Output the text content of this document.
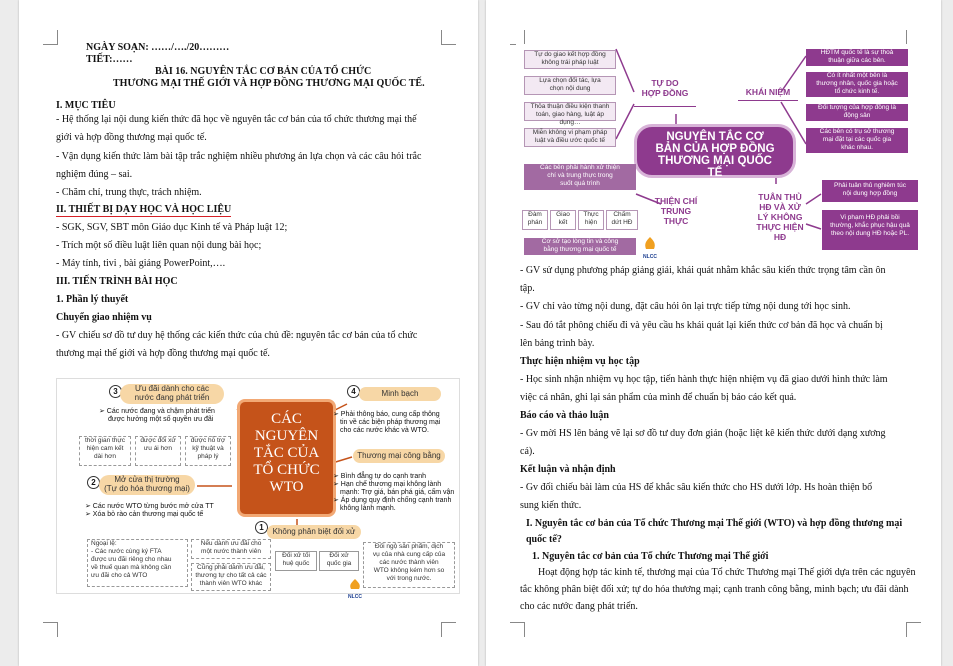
NGÀY SOẠN: ……/…./20………
TIẾT:……
BÀI 16. NGUYÊN TẮC CƠ BẢN CỦA TỔ CHỨC
THƯƠNG MẠI THẾ GIỚI VÀ HỢP ĐỒNG THƯƠNG MẠI QUỐC TẾ.
I. MỤC TIÊU
- Hệ thống lại nội dung kiến thức đã học về nguyên tắc cơ bản của tổ chức thương mại thế
giới và hợp đồng thương mại quốc tế.
- Vận dụng kiến thức làm bài tập trắc nghiệm nhiều phương án lựa chọn và các câu hỏi trắc
nghiệm đúng – sai.
- Chăm chỉ, trung thực, trách nhiệm.
II. THIẾT BỊ DẠY HỌC VÀ HỌC LIỆU
- SGK, SGV, SBT môn Giáo dục Kinh tế và Pháp luật 12;
- Trích một số điều luật liên quan nội dung bài học;
- Máy tính, tivi , bài giảng PowerPoint,….
III. TIẾN TRÌNH BÀI HỌC
1. Phần lý thuyết
Chuyển giao nhiệm vụ
- GV chiếu sơ đồ tư duy hệ thống các kiến thức của chủ đề: nguyên tắc cơ bản của tổ chức
thương mại thế giới và hợp đồng thương mại quốc tế.
CÁC
NGUYÊN
TẮC CỦA
TỔ CHỨC
WTO
3	Ưu đãi dành cho các
nước đang phát triển
➢ Các nước đang và chậm phát triển
được hưởng một số quyền ưu đãi
thời gian thực
hiện cam kết
dài hơn
được đối xử
ưu ái hơn
được hỗ trợ
kỹ thuật và
pháp lý
2	Mở cửa thị trường
(Tự do hóa thương mại)
➢ Các nước WTO từng bước mở cửa TT
➢ Xóa bỏ rào cản thương mại quốc tế
Ngoại lệ:
- Các nước cùng ký FTA
được ưu đãi riêng cho nhau
về thuế quan mà không cần
ưu đãi cho cả WTO
4	Minh bạch
➢ Phải thông báo, cung cấp thông
tin về các biện pháp thương mại
cho các nước khác và WTO.
Thương mại công bằng
➢ Bình đẳng tự do cạnh tranh
➢ Hạn chế thương mại không lành
mạnh: Trợ giá, bán phá giá, cấm vận
➢ Áp dụng quy định chống cạnh tranh
không lành mạnh.
1	Không phân biệt đối xử
Nếu dành ưu đãi cho
một nước thành viên
Cũng phải dành ưu đãi,
thương tự cho tất cả các
thành viên WTO khác
Đối xử tối
huệ quốc
Đối xử
quốc gia
Đối ngộ sản phẩm, dịch
vụ của nhà cung cấp của
các nước thành viên
WTO không kém hơn so
với trong nước.
NLCC
Tự do giao kết hợp đồng
không trái pháp luật
Lựa chọn đối tác, lựa
chọn nội dung
Thỏa thuận điều kiện thanh
toán, giao hàng, luật áp dụng…
Miễn không vi phạm pháp
luật và điều ước quốc tế
TỰ DO
HỢP ĐỒNG	KHÁI NIỆM
NGUYÊN TẮC CƠ
BẢN CỦA HỢP ĐỒNG
THƯƠNG MẠI QUỐC
TẾ
THIỆN CHÍ
TRUNG
THỰC
TUÂN THỦ
HĐ VÀ XỬ
LÝ KHÔNG
THỰC HIỆN
HĐ
HĐTM quốc tế là sự thoả
thuận giữa các bên.
Có ít nhất một bên là
thương nhân, quốc gia hoặc
tổ chức kinh tế.
Đối tượng của hợp đồng là
động sản
Các bên có trụ sở thương
mại đặt tại các quốc gia
khác nhau.
Các bên phải hành xử thiện
chí và trung thực trong
suốt quá trình
Đàm
phán
Giao
kết
Thực
hiện
Chấm
dứt HĐ
Cơ sở tạo lòng tin và công
bằng thương mại quốc tế
Phải tuân thủ nghiêm túc
nội dung hợp đồng
Vi phạm HĐ phải bồi
thường, khắc phục hậu quả
theo nội dung HĐ hoặc PL.
NLCC
- GV sử dụng phương pháp giảng giải, khái quát nhằm khắc sâu kiến thức trọng tâm cần ôn
tập.
- GV chỉ vào từng nội dung, đặt câu hỏi ôn lại trực tiếp từng nội dung tới học sinh.
- Sau đó tắt phông chiếu đi và yêu cầu hs khái quát lại kiến thức cơ bản đã học và chuẩn bị
lên bảng trình bày.
Thực hiện nhiệm vụ học tập
- Học sinh nhận nhiệm vụ học tập, tiến hành thực hiện nhiệm vụ đã giao dưới hình thức làm
việc cá nhân, ghi lại sản phẩm của mình để chuẩn bị báo cáo kết quả.
Báo cáo và thảo luận
- Gv mời HS lên bảng vẽ lại sơ đồ tư duy đơn giản (hoặc liệt kê kiến thức dưới dạng xương
cá).
Kết luận và nhận định
- Gv đối chiếu bài làm của HS để khắc sâu kiến thức cho HS dưới lớp. Hs hoàn thiện bổ
sung kiến thức.
I. Nguyên tắc cơ bản của Tổ chức Thương mại Thế giới (WTO) và hợp đồng thương mại
quốc tế?
1. Nguyên tắc cơ bản của Tổ chức Thương mại Thế giới
Hoạt động hợp tác kinh tế, thương mại của Tổ chức Thương mại Thế giới dựa trên các nguyên
tắc không phân biệt đối xử; tự do hóa thương mại; cạnh tranh công bằng, minh bạch; ưu đãi dành
cho các nước đang phát triển.
